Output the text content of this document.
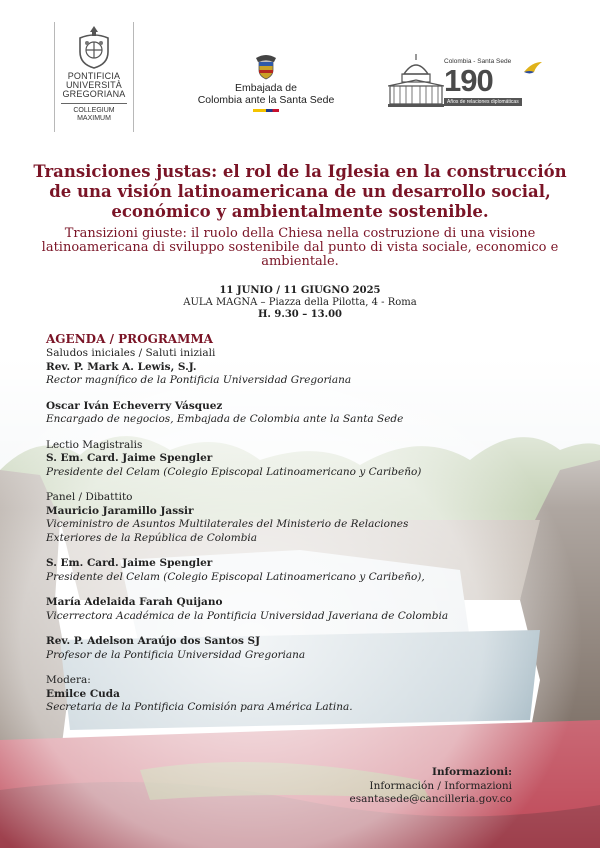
PONTIFICIA
UNIVERSITÀ
GREGORIANA
COLLEGIUM
MAXIMUM
Embajada de
Colombia ante la Santa Sede
Colombia - Santa Sede
190
Años de relaciones diplomáticas
Transiciones justas: el rol de la Iglesia en la construcción de una visión latinoamericana de un desarrollo social, económico y ambientalmente sostenible.

Transizioni giuste: il ruolo della Chiesa nella costruzione di una visione latinoamericana di sviluppo sostenibile dal punto di vista sociale, economico e ambientale.

11 JUNIO / 11 GIUGNO 2025
AULA MAGNA – Piazza della Pilotta, 4 - Roma
H. 9.30 – 13.00
AGENDA / PROGRAMMA
Saludos iniciales / Saluti iniziali
Rev. P. Mark A. Lewis, S.J.
Rector magnífico de la Pontificia Universidad Gregoriana
Oscar Iván Echeverry Vásquez
Encargado de negocios, Embajada de Colombia ante la Santa Sede
Lectio Magistralis
S. Em. Card. Jaime Spengler
Presidente del Celam (Colegio Episcopal Latinoamericano y Caribeño)
Panel / Dibattito
Mauricio Jaramillo Jassir
Viceministro de Asuntos Multilaterales del Ministerio de Relaciones Exteriores de la República de Colombia
S. Em. Card. Jaime Spengler
Presidente del Celam (Colegio Episcopal Latinoamericano y Caribeño),
María Adelaida Farah Quijano
Vicerrectora Académica de la Pontificia Universidad Javeriana de Colombia
Rev. P. Adelson Araújo dos Santos SJ
Profesor de la Pontificia Universidad Gregoriana
Modera:
Emilce Cuda
Secretaria de la Pontificia Comisión para América Latina.
Informazioni:
Información / Informazioni
esantasede@cancilleria.gov.co
